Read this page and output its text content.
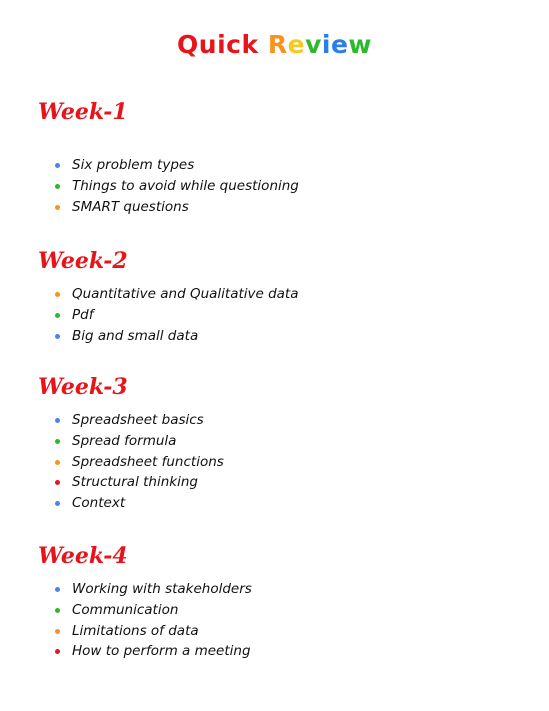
Quick Review
Week-1
Six problem types
Things to avoid while questioning
SMART questions
Week-2
Quantitative and Qualitative data
Pdf
Big and small data
Week-3
Spreadsheet basics
Spread formula
Spreadsheet functions
Structural thinking
Context
Week-4
Working with stakeholders
Communication
Limitations of data
How to perform a meeting
